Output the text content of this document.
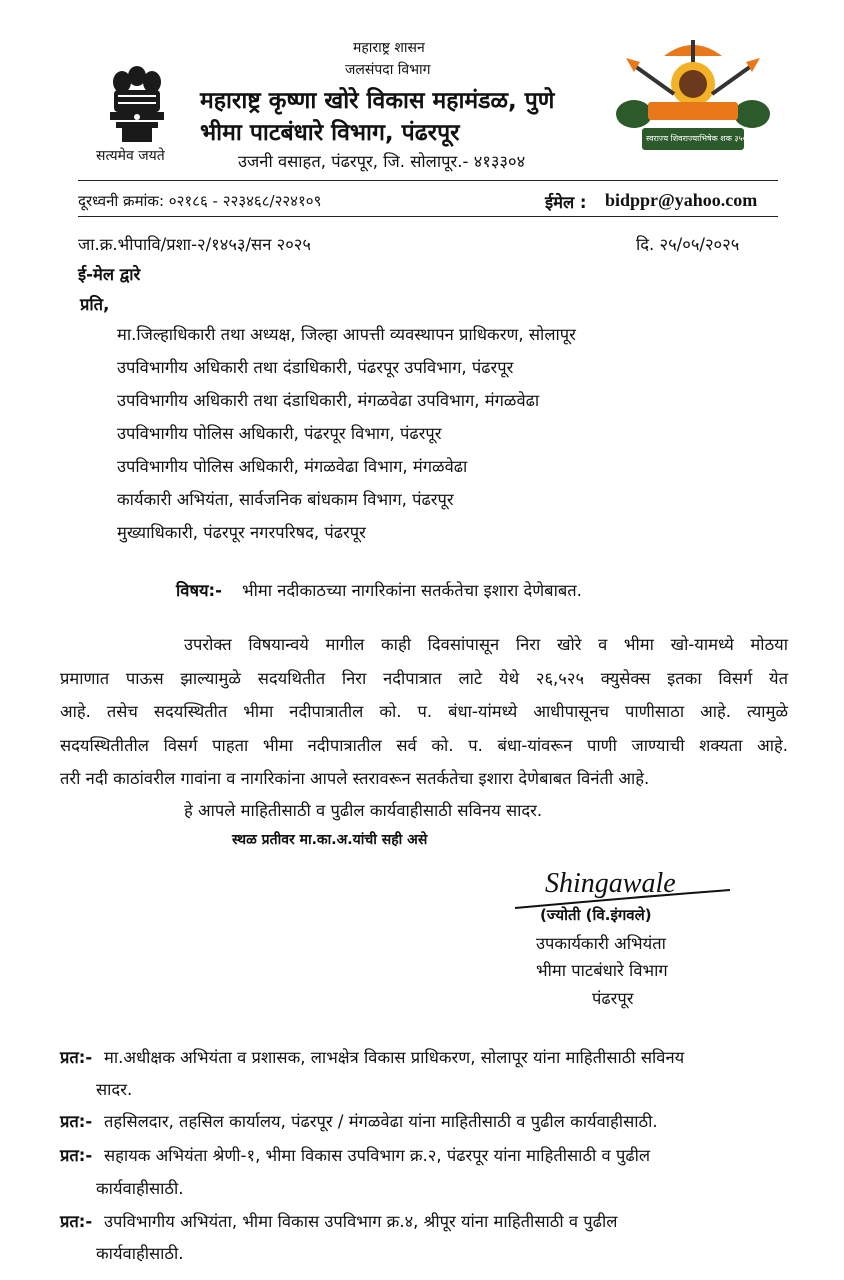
सत्यमेव जयते
स्वराज्य शिवराज्याभिषेक शक ३५०
महाराष्ट्र शासन
जलसंपदा विभाग
महाराष्ट्र कृष्णा खोरे विकास महामंडळ, पुणे
भीमा पाटबंधारे विभाग, पंढरपूर
उजनी वसाहत, पंढरपूर, जि. सोलापूर.- ४१३३०४
दूरध्वनी क्रमांक: ०२१८६ - २२३४६८/२२४१०९	ईमेल : bidppr@yahoo.com
जा.क्र.भीपावि/प्रशा-२/१४५३/सन २०२५	दि. २५/०५/२०२५
ई-मेल द्वारे
प्रति,
मा.जिल्हाधिकारी तथा अध्यक्ष, जिल्हा आपत्ती व्यवस्थापन प्राधिकरण, सोलापूर
उपविभागीय अधिकारी तथा दंडाधिकारी, पंढरपूर उपविभाग, पंढरपूर
उपविभागीय अधिकारी तथा दंडाधिकारी, मंगळवेढा उपविभाग, मंगळवेढा
उपविभागीय पोलिस अधिकारी, पंढरपूर विभाग, पंढरपूर
उपविभागीय पोलिस अधिकारी, मंगळवेढा विभाग, मंगळवेढा
कार्यकारी अभियंता, सार्वजनिक बांधकाम विभाग, पंढरपूर
मुख्याधिकारी, पंढरपूर नगरपरिषद, पंढरपूर
विषय:- भीमा नदीकाठच्या नागरिकांना सतर्कतेचा इशारा देणेबाबत.
उपरोक्त विषयान्वये मागील काही दिवसांपासून निरा खोरे व भीमा खो-यामध्ये मोठया
प्रमाणात पाऊस झाल्यामुळे सदयथितीत निरा नदीपात्रात लाटे येथे २६,५२५ क्युसेक्स इतका विसर्ग येत
आहे. तसेच सदयस्थितीत भीमा नदीपात्रातील को. प. बंधा-यांमध्ये आधीपासूनच पाणीसाठा आहे. त्यामुळे
सदयस्थितीतील विसर्ग पाहता भीमा नदीपात्रातील सर्व को. प. बंधा-यांवरून पाणी जाण्याची शक्यता आहे.
तरी नदी काठांवरील गावांना व नागरिकांना आपले स्तरावरून सतर्कतेचा इशारा देणेबाबत विनंती आहे.
हे आपले माहितीसाठी व पुढील कार्यवाहीसाठी सविनय सादर.
स्थळ प्रतीवर मा.का.अ.यांची सही असे
Shingawale
(ज्योती (वि.इंगवले)
उपकार्यकारी अभियंता
भीमा पाटबंधारे विभाग
पंढरपूर
प्रत:- मा.अधीक्षक अभियंता व प्रशासक, लाभक्षेत्र विकास प्राधिकरण, सोलापूर यांना माहितीसाठी सविनय
सादर.
प्रत:- तहसिलदार, तहसिल कार्यालय, पंढरपूर / मंगळवेढा यांना माहितीसाठी व पुढील कार्यवाहीसाठी.
प्रत:- सहायक अभियंता श्रेणी-१, भीमा विकास उपविभाग क्र.२, पंढरपूर यांना माहितीसाठी व पुढील
कार्यवाहीसाठी.
प्रत:- उपविभागीय अभियंता, भीमा विकास उपविभाग क्र.४, श्रीपूर यांना माहितीसाठी व पुढील
कार्यवाहीसाठी.
